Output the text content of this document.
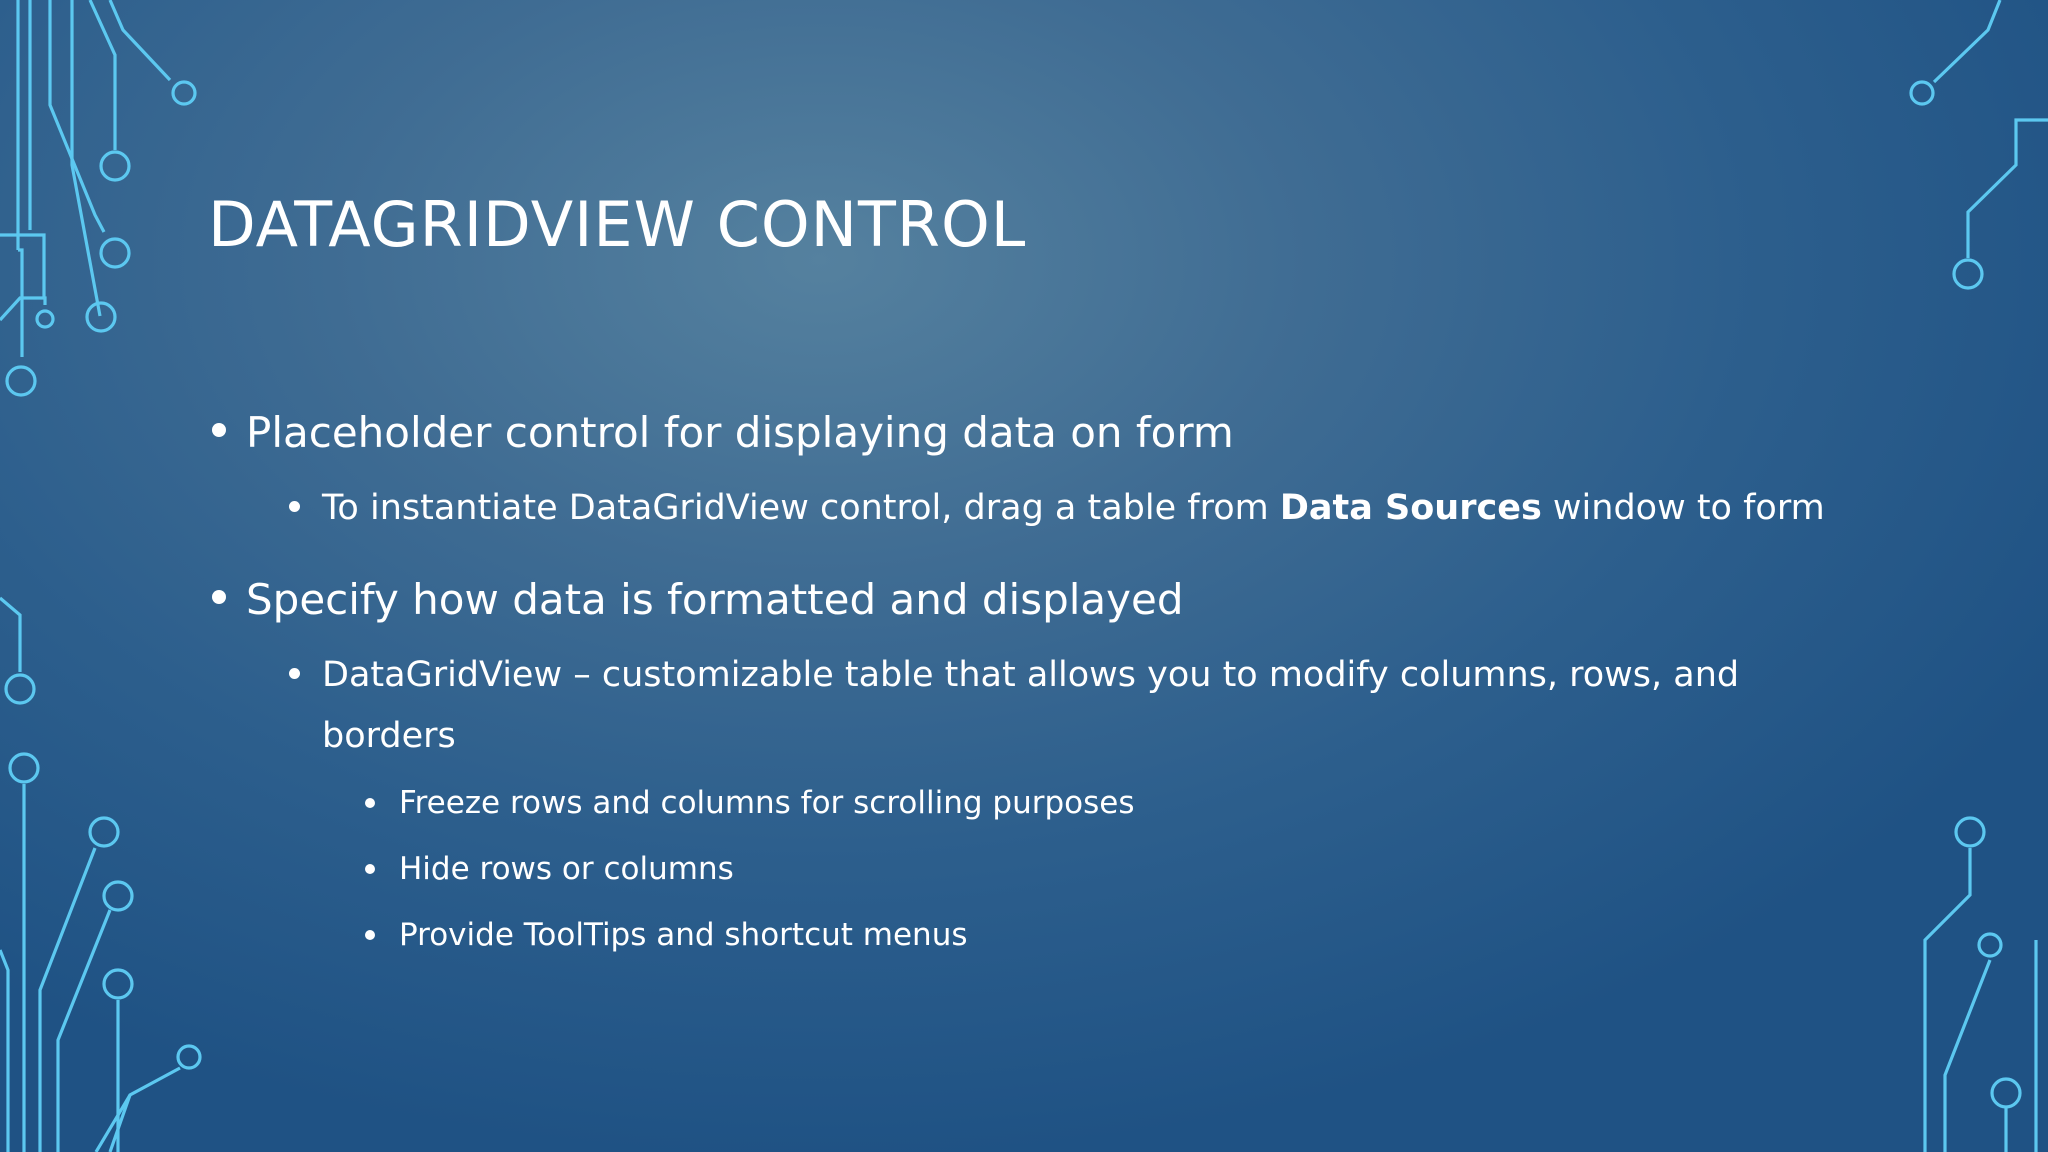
DATAGRIDVIEW CONTROL
Placeholder control for displaying data on form
To instantiate DataGridView control, drag a table from Data Sources window to form
Specify how data is formatted and displayed
DataGridView – customizable table that allows you to modify columns, rows, and
borders
Freeze rows and columns for scrolling purposes
Hide rows or columns
Provide ToolTips and shortcut menus
